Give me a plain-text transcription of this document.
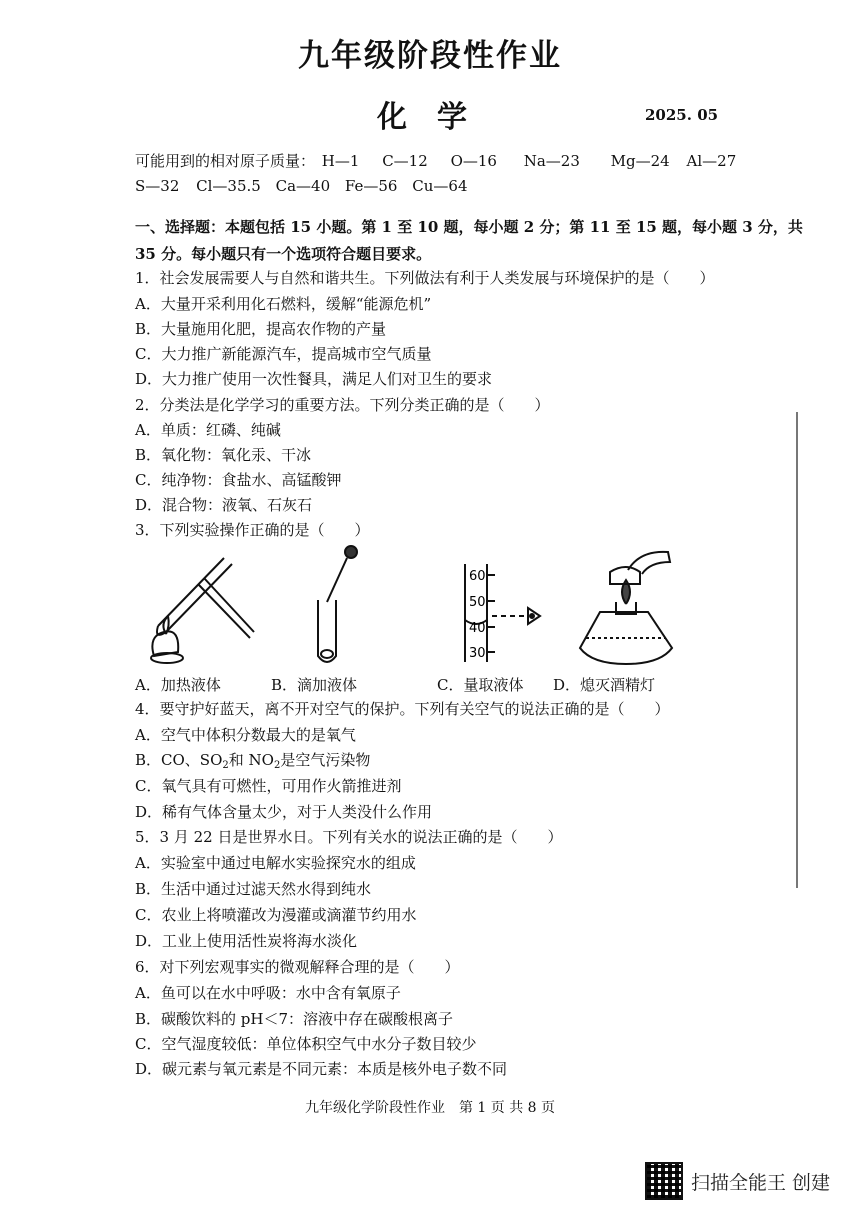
九年级阶段性作业
化学	2025. 05
可能用到的相对原子质量： H—1 C—12 O—16 Na—23 Mg—24 Al—27
S—32 Cl—35.5 Ca—40 Fe—56 Cu—64
一、选择题：本题包括 15 小题。第 1 至 10 题，每小题 2 分；第 11 至 15 题，每小题 3 分，共
35 分。每小题只有一个选项符合题目要求。
1．社会发展需要人与自然和谐共生。下列做法有利于人类发展与环境保护的是（　　）
A．大量开采利用化石燃料，缓解“能源危机”
B．大量施用化肥，提高农作物的产量
C．大力推广新能源汽车，提高城市空气质量
D．大力推广使用一次性餐具，满足人们对卫生的要求
2．分类法是化学学习的重要方法。下列分类正确的是（　　）
A．单质：红磷、纯碱
B．氧化物：氧化汞、干冰
C．纯净物：食盐水、高锰酸钾
D．混合物：液氧、石灰石
3．下列实验操作正确的是（　　）
60
50
40
30
A．加热液体	B．滴加液体	C．量取液体 D．熄灭酒精灯
4．要守护好蓝天，离不开对空气的保护。下列有关空气的说法正确的是（　　）
A．空气中体积分数最大的是氧气
B．CO、$SO_2$和 $NO_2$是空气污染物
C．氧气具有可燃性，可用作火箭推进剂
D．稀有气体含量太少，对于人类没什么作用
5．3 月 22 日是世界水日。下列有关水的说法正确的是（　　）
A．实验室中通过电解水实验探究水的组成
B．生活中通过过滤天然水得到纯水
C．农业上将喷灌改为漫灌或滴灌节约用水
D．工业上使用活性炭将海水淡化
6．对下列宏观事实的微观解释合理的是（　　）
A．鱼可以在水中呼吸：水中含有氧原子
B．碳酸饮料的 pH＜7：溶液中存在碳酸根离子
C．空气湿度较低：单位体积空气中水分子数目较少
D．碳元素与氧元素是不同元素：本质是核外电子数不同
九年级化学阶段性作业　第 1 页 共 8 页
扫描全能王 创建
